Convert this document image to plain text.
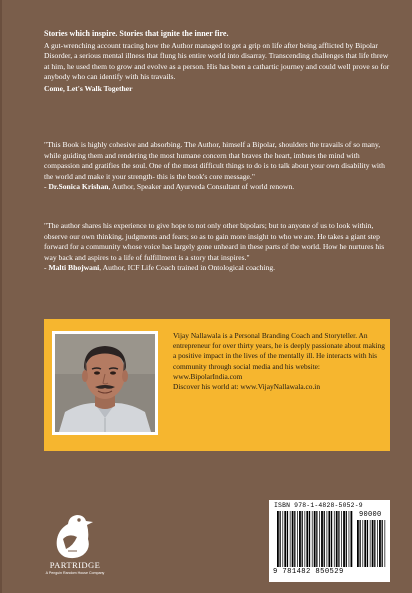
Stories which inspire. Stories that ignite the inner fire.

A gut-wrenching account tracing how the Author managed to get a grip on life after being afflicted by Bipolar Disorder, a serious mental illness that flung his entire world into disarray. Transcending challenges that life threw at him, he used them to grow and evolve as a person. His has been a cathartic journey and could well prove so for anybody who can identify with his travails.

Come, Let's Walk Together

"This Book is highly cohesive and absorbing. The Author, himself a Bipolar, shoulders the travails of so many, while guiding them and rendering the most humane concern that braves the heart, imbues the mind with compassion and gratifies the soul. One of the most difficult things to do is to talk about your own disability with the world and make it your strength- this is the book's core message."

- Dr.Sonica Krishan, Author, Speaker and Ayurveda Consultant of world renown.

"The author shares his experience to give hope to not only other bipolars; but to anyone of us to look within, observe our own thinking, judgments and fears; so as to gain more insight to who we are. He takes a giant step forward for a community whose voice has largely gone unheard in these parts of the world. How he nurtures his way back and aspires to a life of fulfillment is a story that inspires."

- Malti Bhojwani, Author, ICF Life Coach trained in Ontological coaching.

Vijay Nallawala is a Personal Branding Coach and Storyteller. An entrepreneur for over thirty years, he is deeply passionate about making a positive impact in the lives of the mentally ill. He interacts with his community through social media and his website:

www.BipolarIndia.com

Discover his world at: www.VijayNallawala.co.in

PARTRIDGE
A Penguin Random House Company
ISBN 978-1-4828-5052-9
90000
9 781482 850529
